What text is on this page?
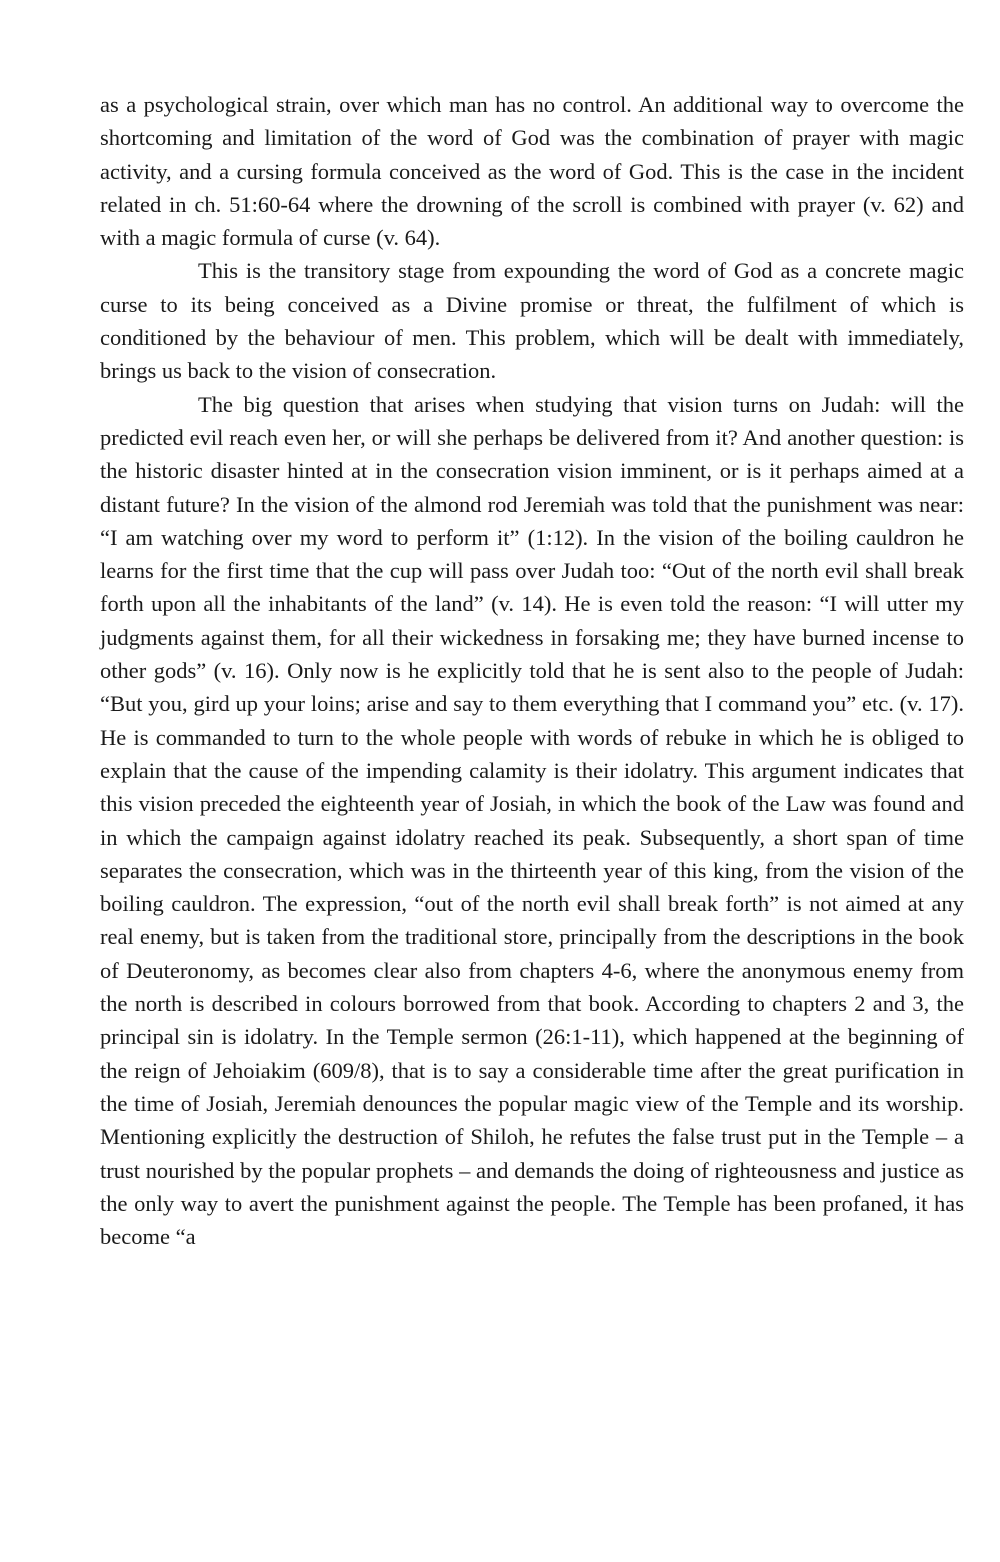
as a psychological strain, over which man has no control. An additional way to overcome the shortcoming and limitation of the word of God was the combination of prayer with magic activity, and a cursing formula conceived as the word of God. This is the case in the incident related in ch. 51:60-64 where the drowning of the scroll is combined with prayer (v. 62) and with a magic formula of curse (v. 64).

This is the transitory stage from expounding the word of God as a concrete magic curse to its being conceived as a Divine promise or threat, the fulfilment of which is conditioned by the behaviour of men. This problem, which will be dealt with immediately, brings us back to the vision of consecration.

The big question that arises when studying that vision turns on Judah: will the predicted evil reach even her, or will she perhaps be delivered from it? And another question: is the historic disaster hinted at in the consecration vision imminent, or is it perhaps aimed at a distant future? In the vision of the almond rod Jeremiah was told that the punishment was near: “I am watching over my word to perform it” (1:12). In the vision of the boiling cauldron he learns for the first time that the cup will pass over Judah too: “Out of the north evil shall break forth upon all the inhabitants of the land” (v. 14). He is even told the reason: “I will utter my judgments against them, for all their wickedness in forsaking me; they have burned incense to other gods” (v. 16). Only now is he explicitly told that he is sent also to the people of Judah: “But you, gird up your loins; arise and say to them everything that I command you” etc. (v. 17). He is commanded to turn to the whole people with words of rebuke in which he is obliged to explain that the cause of the impending calamity is their idolatry. This argument indicates that this vision preceded the eighteenth year of Josiah, in which the book of the Law was found and in which the campaign against idolatry reached its peak. Subsequently, a short span of time separates the consecration, which was in the thirteenth year of this king, from the vision of the boiling cauldron. The expression, “out of the north evil shall break forth” is not aimed at any real enemy, but is taken from the traditional store, principally from the descriptions in the book of Deuteronomy, as becomes clear also from chapters 4-6, where the anonymous enemy from the north is described in colours borrowed from that book. According to chapters 2 and 3, the principal sin is idolatry. In the Temple sermon (26:1-11), which happened at the beginning of the reign of Jehoiakim (609/8), that is to say a considerable time after the great purification in the time of Josiah, Jeremiah denounces the popular magic view of the Temple and its worship. Mentioning explicitly the destruction of Shiloh, he refutes the false trust put in the Temple – a trust nourished by the popular prophets – and demands the doing of righteousness and justice as the only way to avert the punishment against the people. The Temple has been profaned, it has become “a
